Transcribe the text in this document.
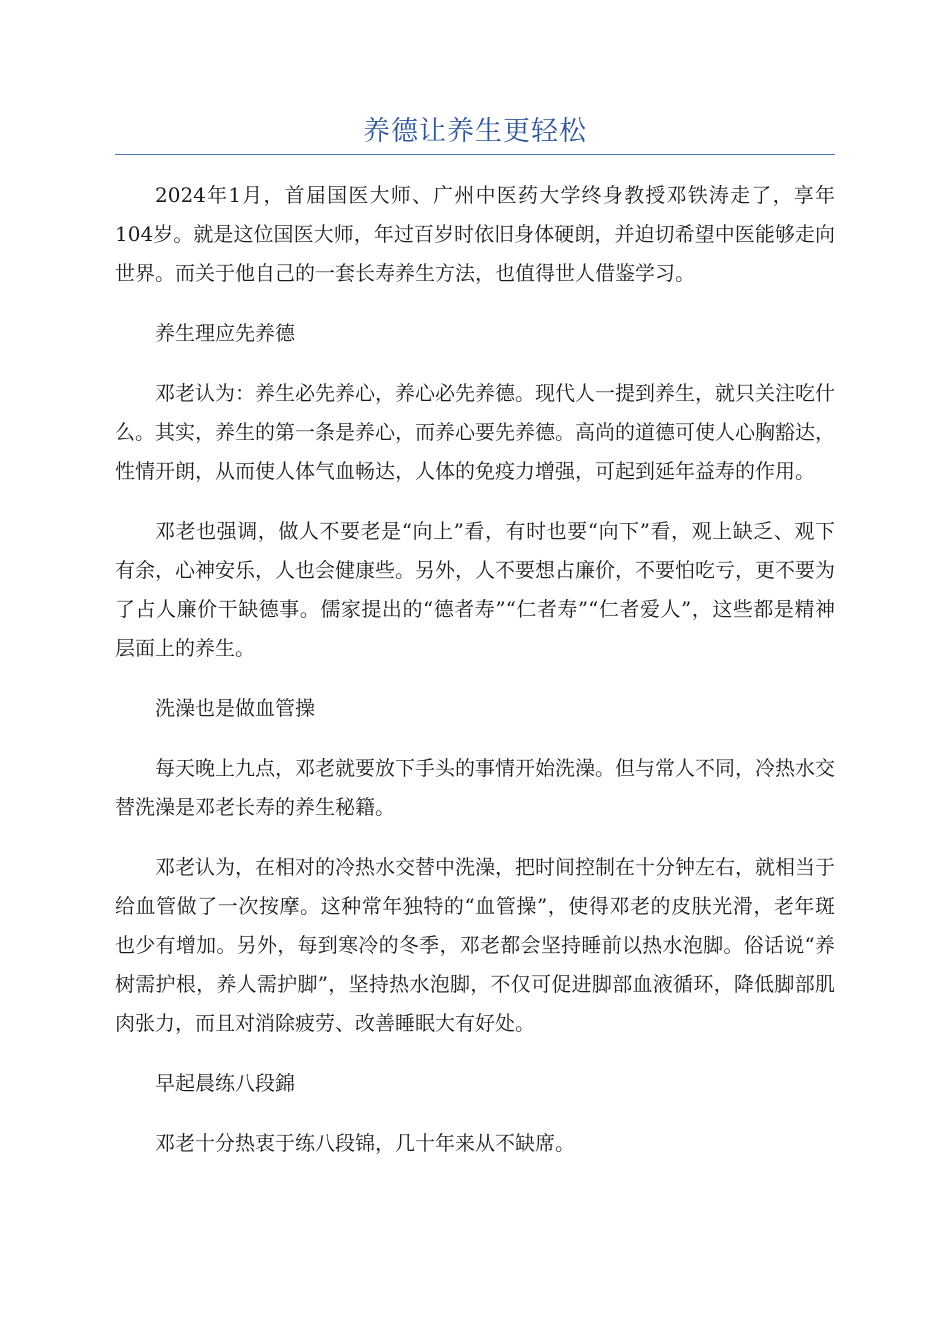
养德让养生更轻松

2024年1月，首届国医大师、广州中医药大学终身教授邓铁涛走了，享年104岁。就是这位国医大师，年过百岁时依旧身体硬朗，并迫切希望中医能够走向世界。而关于他自己的一套长寿养生方法，也值得世人借鉴学习。

养生理应先养德

邓老认为：养生必先养心，养心必先养德。现代人一提到养生，就只关注吃什么。其实，养生的第一条是养心，而养心要先养德。高尚的道德可使人心胸豁达，性情开朗，从而使人体气血畅达，人体的免疫力增强，可起到延年益寿的作用。

邓老也强调，做人不要老是“向上”看，有时也要“向下”看，观上缺乏、观下有余，心神安乐，人也会健康些。另外，人不要想占廉价，不要怕吃亏，更不要为了占人廉价干缺德事。儒家提出的“德者寿”“仁者寿”“仁者爱人”，这些都是精神层面上的养生。

洗澡也是做血管操

每天晚上九点，邓老就要放下手头的事情开始洗澡。但与常人不同，冷热水交替洗澡是邓老长寿的养生秘籍。

邓老认为，在相对的冷热水交替中洗澡，把时间控制在十分钟左右，就相当于给血管做了一次按摩。这种常年独特的“血管操”，使得邓老的皮肤光滑，老年斑也少有增加。另外，每到寒冷的冬季，邓老都会坚持睡前以热水泡脚。俗话说“养树需护根，养人需护脚”，坚持热水泡脚，不仅可促进脚部血液循环，降低脚部肌肉张力，而且对消除疲劳、改善睡眠大有好处。

早起晨练八段錦

邓老十分热衷于练八段锦，几十年来从不缺席。
